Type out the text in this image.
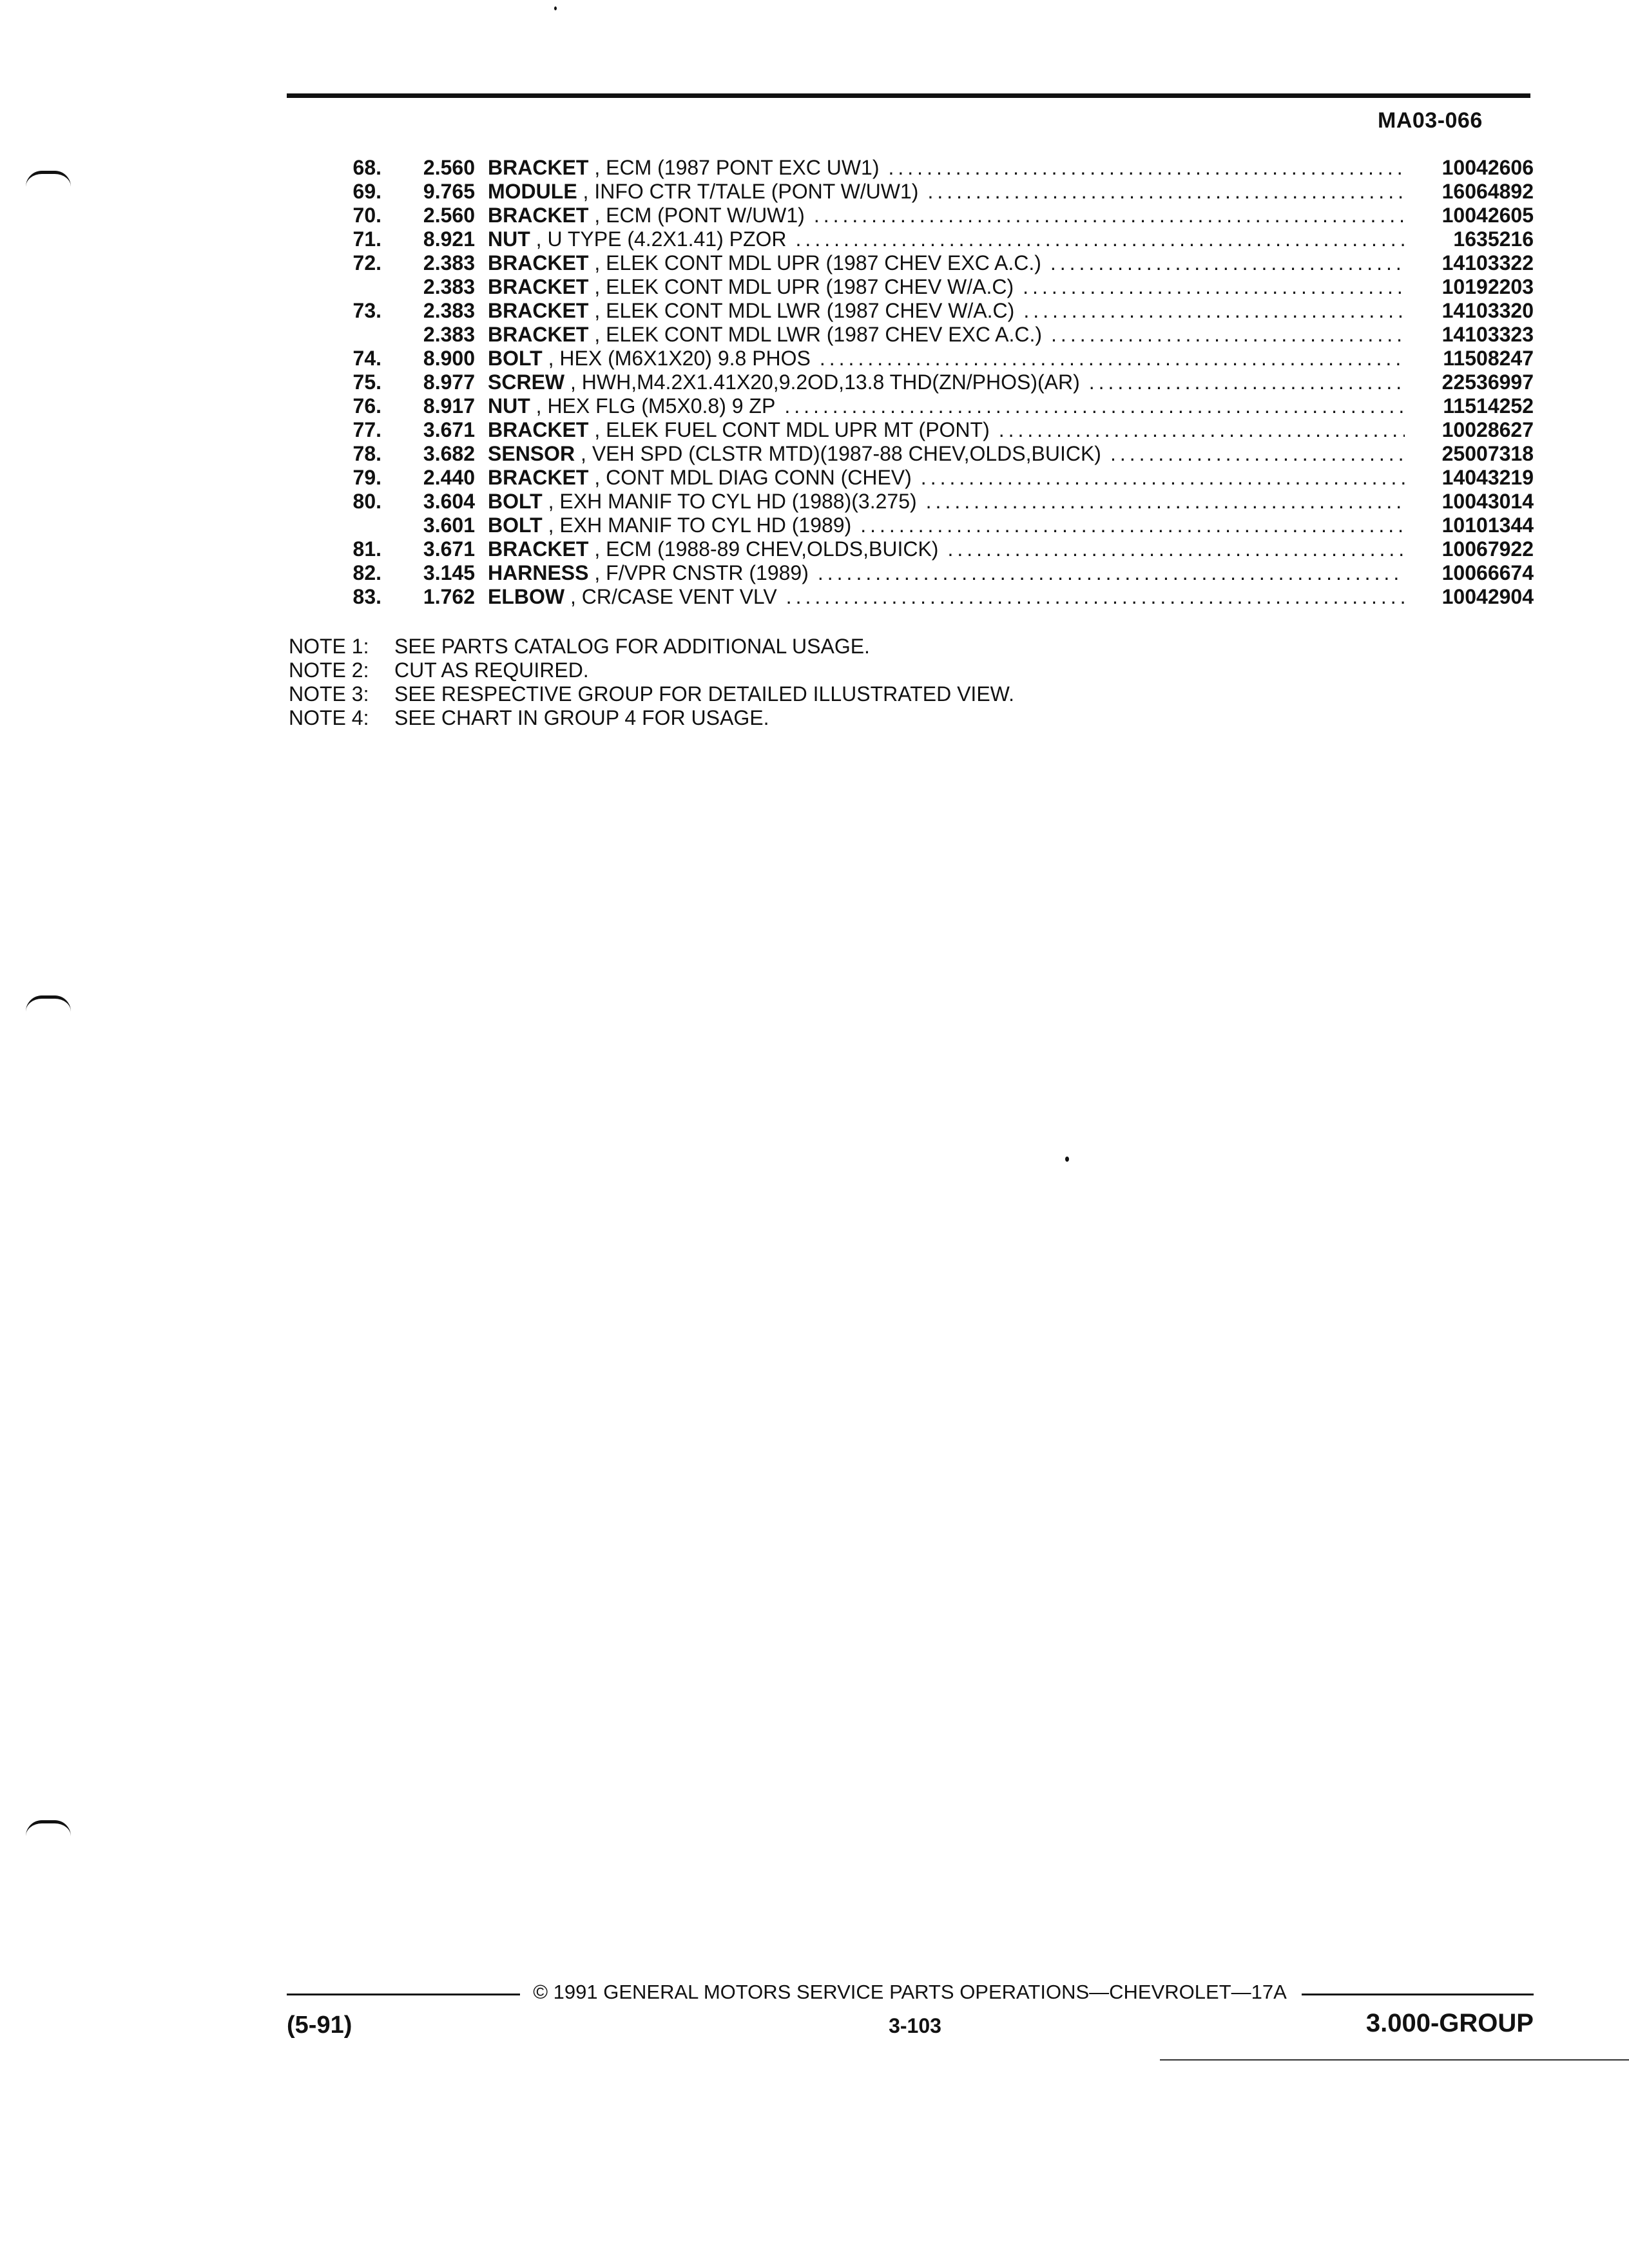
MA03-066
68.	2.560 BRACKET , ECM (1987 PONT EXC UW1) .....	10042606
69.	9.765 MODULE , INFO CTR T/TALE (PONT W/UW1) .....	16064892
70.	2.560 BRACKET , ECM (PONT W/UW1) .....	10042605
71.	8.921 NUT , U TYPE (4.2X1.41) PZOR .....	1635216
72.	2.383 BRACKET , ELEK CONT MDL UPR (1987 CHEV EXC A.C.) .....	14103322
2.383 BRACKET , ELEK CONT MDL UPR (1987 CHEV W/A.C) .....	10192203
73.	2.383 BRACKET , ELEK CONT MDL LWR (1987 CHEV W/A.C) .....	14103320
2.383 BRACKET , ELEK CONT MDL LWR (1987 CHEV EXC A.C.) .....	14103323
74.	8.900 BOLT , HEX (M6X1X20) 9.8 PHOS .....	11508247
75.	8.977 SCREW , HWH,M4.2X1.41X20,9.2OD,13.8 THD(ZN/PHOS)(AR) .....	22536997
76.	8.917 NUT , HEX FLG (M5X0.8) 9 ZP .....	11514252
77.	3.671 BRACKET , ELEK FUEL CONT MDL UPR MT (PONT) .....	10028627
78.	3.682 SENSOR , VEH SPD (CLSTR MTD)(1987-88 CHEV,OLDS,BUICK) .....	25007318
79.	2.440 BRACKET , CONT MDL DIAG CONN (CHEV) .....	14043219
80.	3.604 BOLT , EXH MANIF TO CYL HD (1988)(3.275) .....	10043014
3.601 BOLT , EXH MANIF TO CYL HD (1989) .....	10101344
81.	3.671 BRACKET , ECM (1988-89 CHEV,OLDS,BUICK) .....	10067922
82.	3.145 HARNESS , F/VPR CNSTR (1989) .....	10066674
83.	1.762 ELBOW , CR/CASE VENT VLV .....	10042904
NOTE 1:	SEE PARTS CATALOG FOR ADDITIONAL USAGE.
NOTE 2:	CUT AS REQUIRED.
NOTE 3:	SEE RESPECTIVE GROUP FOR DETAILED ILLUSTRATED VIEW.
NOTE 4:	SEE CHART IN GROUP 4 FOR USAGE.
© 1991 GENERAL MOTORS SERVICE PARTS OPERATIONS—CHEVROLET—17A
(5-91)	3-103	3.000-GROUP
